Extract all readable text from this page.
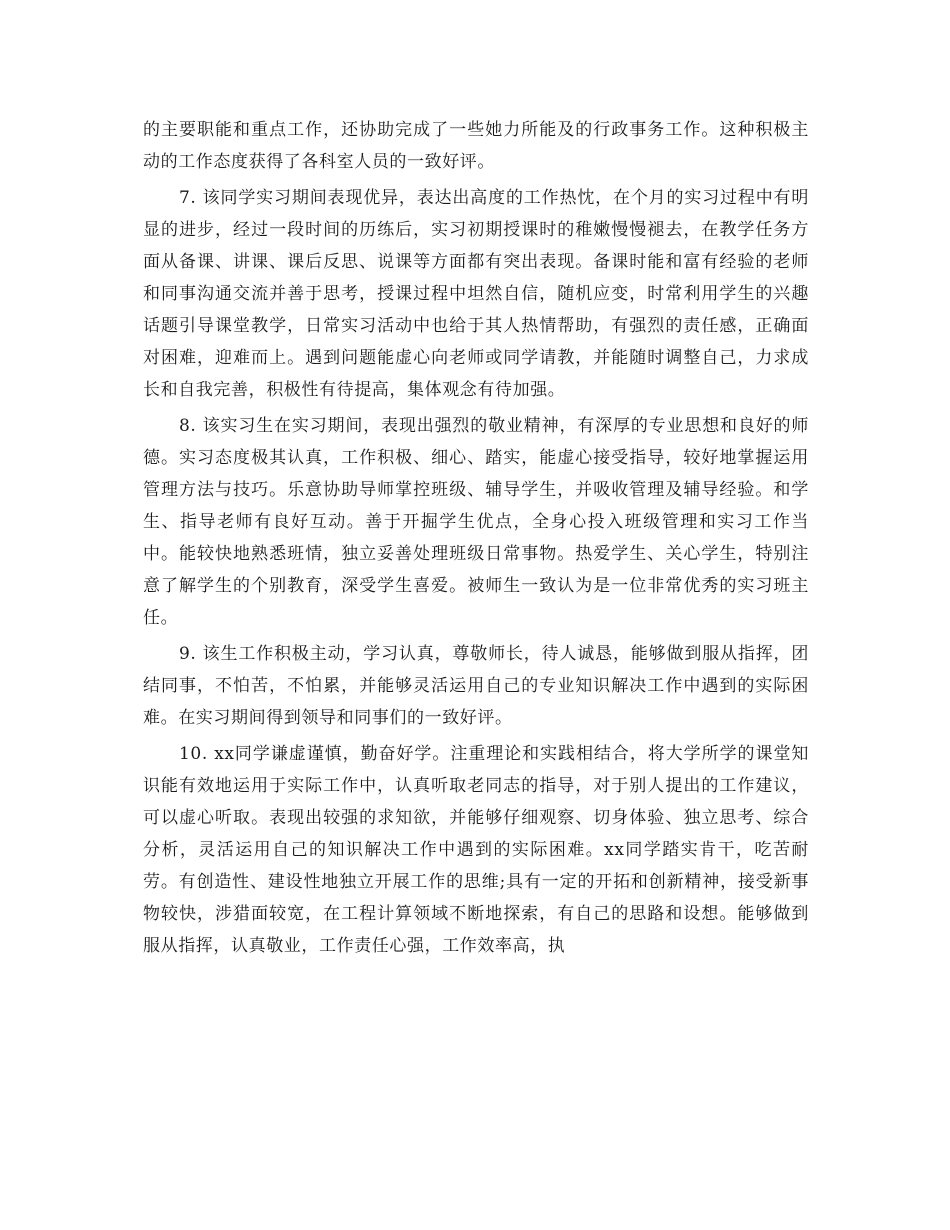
的主要职能和重点工作，还协助完成了一些她力所能及的行政事务工作。这种积极主动的工作态度获得了各科室人员的一致好评。

7. 该同学实习期间表现优异，表达出高度的工作热忱，在个月的实习过程中有明显的进步，经过一段时间的历练后，实习初期授课时的稚嫩慢慢褪去，在教学任务方面从备课、讲课、课后反思、说课等方面都有突出表现。备课时能和富有经验的老师和同事沟通交流并善于思考，授课过程中坦然自信，随机应变，时常利用学生的兴趣话题引导课堂教学，日常实习活动中也给于其人热情帮助，有强烈的责任感，正确面对困难，迎难而上。遇到问题能虚心向老师或同学请教，并能随时调整自己，力求成长和自我完善，积极性有待提高，集体观念有待加强。

8. 该实习生在实习期间，表现出强烈的敬业精神，有深厚的专业思想和良好的师德。实习态度极其认真，工作积极、细心、踏实，能虚心接受指导，较好地掌握运用管理方法与技巧。乐意协助导师掌控班级、辅导学生，并吸收管理及辅导经验。和学生、指导老师有良好互动。善于开掘学生优点，全身心投入班级管理和实习工作当中。能较快地熟悉班情，独立妥善处理班级日常事物。热爱学生、关心学生，特别注意了解学生的个别教育，深受学生喜爱。被师生一致认为是一位非常优秀的实习班主任。

9. 该生工作积极主动，学习认真，尊敬师长，待人诚恳，能够做到服从指挥，团结同事，不怕苦，不怕累，并能够灵活运用自己的专业知识解决工作中遇到的实际困难。在实习期间得到领导和同事们的一致好评。

10. xx同学谦虚谨慎，勤奋好学。注重理论和实践相结合，将大学所学的课堂知识能有效地运用于实际工作中，认真听取老同志的指导，对于别人提出的工作建议，可以虚心听取。表现出较强的求知欲，并能够仔细观察、切身体验、独立思考、综合分析，灵活运用自己的知识解决工作中遇到的实际困难。xx同学踏实肯干，吃苦耐劳。有创造性、建设性地独立开展工作的思维;具有一定的开拓和创新精神，接受新事物较快，涉猎面较宽，在工程计算领域不断地探索，有自己的思路和设想。能够做到服从指挥，认真敬业，工作责任心强，工作效率高，执
